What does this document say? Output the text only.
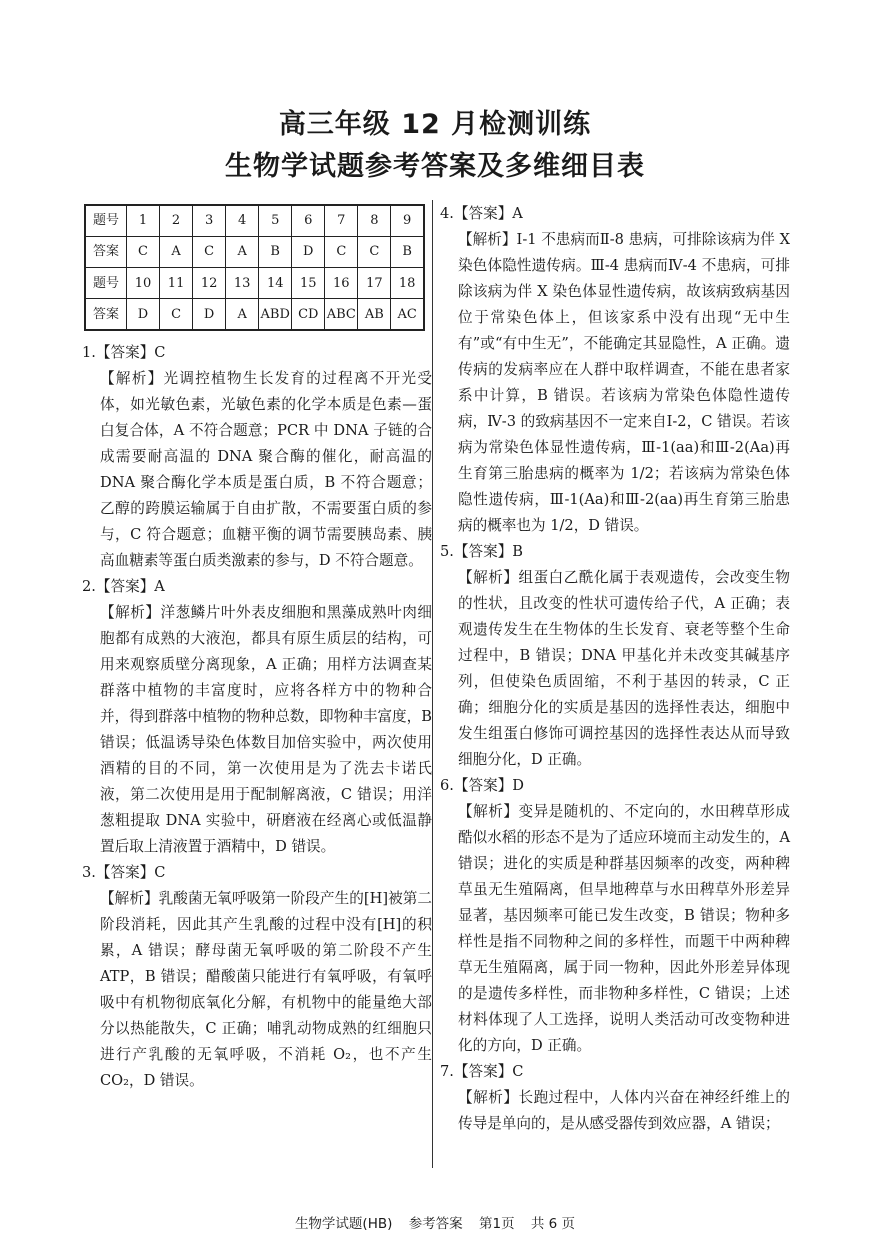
高三年级 12 月检测训练
生物学试题参考答案及多维细目表
题号	1	2	3	4	5	6	7	8	9
答案	C	A	C	A	B	D	C	C	B
题号	10	11	12	13	14	15	16	17	18
答案	D	C	D	A	ABD	CD	ABC	AB	AC
1.【答案】C
【解析】光调控植物生长发育的过程离不开光受体，如光敏色素，光敏色素的化学本质是色素—蛋白复合体，A 不符合题意；PCR 中 DNA 子链的合成需要耐高温的 DNA 聚合酶的催化，耐高温的 DNA 聚合酶化学本质是蛋白质，B 不符合题意；乙醇的跨膜运输属于自由扩散，不需要蛋白质的参与，C 符合题意；血糖平衡的调节需要胰岛素、胰高血糖素等蛋白质类激素的参与，D 不符合题意。
2.【答案】A
【解析】洋葱鳞片叶外表皮细胞和黑藻成熟叶肉细胞都有成熟的大液泡，都具有原生质层的结构，可用来观察质壁分离现象，A 正确；用样方法调查某群落中植物的丰富度时，应将各样方中的物种合并，得到群落中植物的物种总数，即物种丰富度，B 错误；低温诱导染色体数目加倍实验中，两次使用酒精的目的不同，第一次使用是为了洗去卡诺氏液，第二次使用是用于配制解离液，C 错误；用洋葱粗提取 DNA 实验中，研磨液在经离心或低温静置后取上清液置于酒精中，D 错误。
3.【答案】C
【解析】乳酸菌无氧呼吸第一阶段产生的[H]被第二阶段消耗，因此其产生乳酸的过程中没有[H]的积累，A 错误；酵母菌无氧呼吸的第二阶段不产生 ATP，B 错误；醋酸菌只能进行有氧呼吸，有氧呼吸中有机物彻底氧化分解，有机物中的能量绝大部分以热能散失，C 正确；哺乳动物成熟的红细胞只进行产乳酸的无氧呼吸，不消耗 O₂，也不产生 CO₂，D 错误。
4.【答案】A
【解析】Ⅰ-1 不患病而Ⅱ-8 患病，可排除该病为伴 X 染色体隐性遗传病。Ⅲ-4 患病而Ⅳ-4 不患病，可排除该病为伴 X 染色体显性遗传病，故该病致病基因位于常染色体上，但该家系中没有出现“无中生有”或“有中生无”，不能确定其显隐性，A 正确。遗传病的发病率应在人群中取样调查，不能在患者家系中计算，B 错误。若该病为常染色体隐性遗传病，Ⅳ-3 的致病基因不一定来自Ⅰ-2，C 错误。若该病为常染色体显性遗传病，Ⅲ-1(aa)和Ⅲ-2(Aa)再生育第三胎患病的概率为 1/2；若该病为常染色体隐性遗传病，Ⅲ-1(Aa)和Ⅲ-2(aa)再生育第三胎患病的概率也为 1/2，D 错误。
5.【答案】B
【解析】组蛋白乙酰化属于表观遗传，会改变生物的性状，且改变的性状可遗传给子代，A 正确；表观遗传发生在生物体的生长发育、衰老等整个生命过程中，B 错误；DNA 甲基化并未改变其碱基序列，但使染色质固缩，不利于基因的转录，C 正确；细胞分化的实质是基因的选择性表达，细胞中发生组蛋白修饰可调控基因的选择性表达从而导致细胞分化，D 正确。
6.【答案】D
【解析】变异是随机的、不定向的，水田稗草形成酷似水稻的形态不是为了适应环境而主动发生的，A 错误；进化的实质是种群基因频率的改变，两种稗草虽无生殖隔离，但旱地稗草与水田稗草外形差异显著，基因频率可能已发生改变，B 错误；物种多样性是指不同物种之间的多样性，而题干中两种稗草无生殖隔离，属于同一物种，因此外形差异体现的是遗传多样性，而非物种多样性，C 错误；上述材料体现了人工选择，说明人类活动可改变物种进化的方向，D 正确。
7.【答案】C
【解析】长跑过程中，人体内兴奋在神经纤维上的传导是单向的，是从感受器传到效应器，A 错误；
生物学试题(HB) 参考答案 第1页 共 6 页
